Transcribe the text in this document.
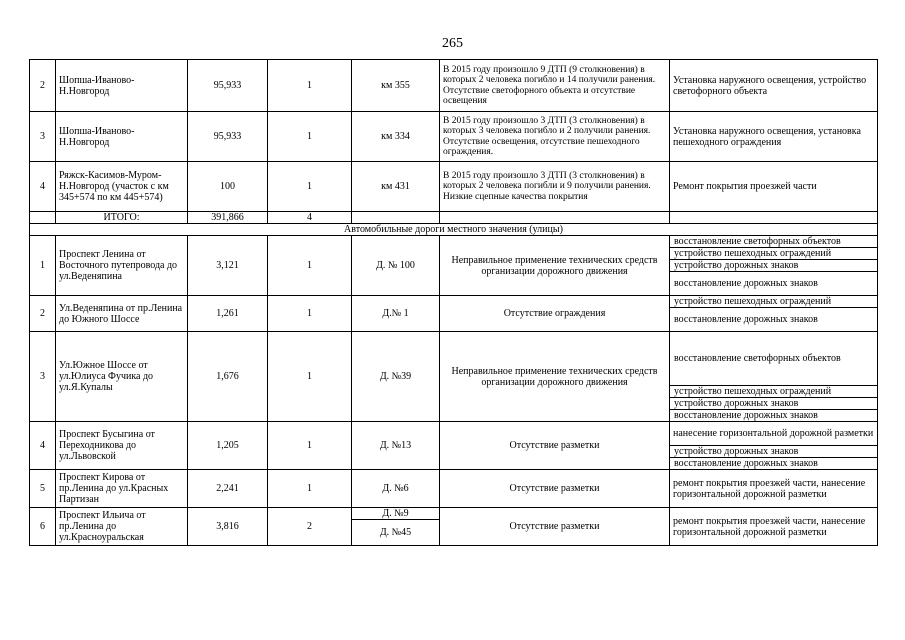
265
2	Шопша-Иваново-Н.Новгород	95,933	1	км 355	В 2015 году произошло 9 ДТП (9 столкновения) в которых 2 человека погибло и 14 получили ранения. Отсутствие светофорного объекта и отсутствие освещения	Установка наружного освещения, устройство светофорного объекта
3	Шопша-Иваново-Н.Новгород	95,933	1	км 334	В 2015 году произошло 3 ДТП (3 столкновения) в которых 3 человека погибло и 2 получили ранения. Отсутствие освещения, отсутствие пешеходного ограждения.	Установка наружного освещения, установка пешеходного ограждения
4	Ряжск-Касимов-Муром-Н.Новгород (участок с км 345+574 по км 445+574)	100	1	км 431	В 2015 году произошло 3 ДТП (3 столкновения) в которых 2 человека погибли и 9 получили ранения. Низкие сцепные качества покрытия	Ремонт покрытия проезжей части
	ИТОГО:	391,866	4			
Автомобильные дороги местного значения (улицы)						
1	Проспект Ленина от Восточного путепровода до ул.Веденяпина	3,121	1	Д. № 100	Неправильное применение технических средств организации дорожного движения	восстановление светофорных объектов
						устройство пешеходных ограждений
						устройство дорожных знаков
						восстановление дорожных знаков
2	Ул.Веденяпина от пр.Ленина до Южного Шоссе	1,261	1	Д.№ 1	Отсутствие ограждения	устройство пешеходных ограждений
						восстановление дорожных знаков
3	Ул.Южное Шоссе от ул.Юлиуса Фучика до ул.Я.Купалы	1,676	1	Д. №39	Неправильное применение технических средств организации дорожного движения	восстановление светофорных объектов
						устройство пешеходных ограждений
						устройство дорожных знаков
						восстановление дорожных знаков
4	Проспект Бусыгина от Переходникова до ул.Львовской	1,205	1	Д. №13	Отсутствие разметки	нанесение горизонтальной дорожной разметки
						устройство дорожных знаков
						восстановление дорожных знаков
5	Проспект Кирова от пр.Ленина до ул.Красных Партизан	2,241	1	Д. №6	Отсутствие разметки	ремонт покрытия проезжей части, нанесение горизонтальной дорожной разметки
6	Проспект Ильича от пр.Ленина до ул.Красноуральская	3,816	2	Д. №9	Отсутствие разметки	ремонт покрытия проезжей части, нанесение горизонтальной дорожной разметки
				Д. №45		
